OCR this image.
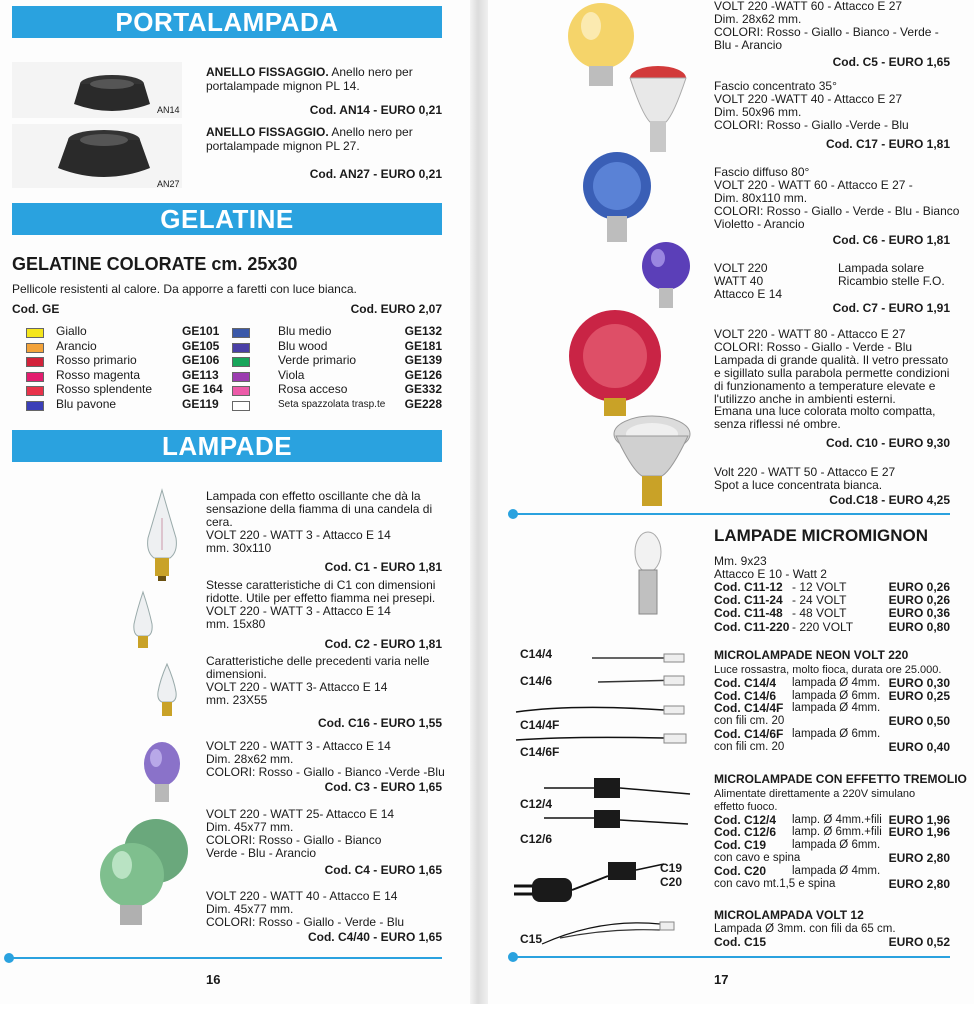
PORTALAMPADA
AN14
ANELLO FISSAGGIO. Anello nero per
portalampade mignon PL 14.
Cod. AN14 - EURO 0,21
AN27
ANELLO FISSAGGIO. Anello nero per
portalampade mignon PL 27.
Cod. AN27 - EURO 0,21
GELATINE
GELATINE COLORATE cm. 25x30
Pellicole resistenti al calore. Da apporre a faretti con luce bianca.
Cod. GE	Cod. EURO 2,07
Giallo	GE101
Arancio	GE105
Rosso primario	GE106
Rosso magenta	GE113
Rosso splendente GE 164
Blu pavone	GE119
Blu medio	GE132
Blu wood	GE181
Verde primario	GE139
Viola	GE126
Rosa acceso	GE332
Seta spazzolata trasp.te	GE228
LAMPADE
Lampada con effetto oscillante che dà la
sensazione della fiamma di una candela di
cera.
VOLT 220 - WATT 3 - Attacco E 14
mm. 30x110
Cod. C1 - EURO 1,81
Stesse caratteristiche di C1 con dimensioni
ridotte. Utile per effetto fiamma nei presepi.
VOLT 220 - WATT 3 - Attacco E 14
mm. 15x80
Cod. C2 - EURO 1,81
Caratteristiche delle precedenti varia nelle
dimensioni.
VOLT 220 - WATT 3- Attacco E 14
mm. 23X55
Cod. C16 - EURO 1,55
VOLT 220 - WATT 3 - Attacco E 14
Dim. 28x62 mm.
COLORI: Rosso - Giallo - Bianco -Verde -Blu
Cod. C3 - EURO 1,65
VOLT 220 - WATT 25- Attacco E 14
Dim. 45x77 mm.
COLORI: Rosso - Giallo - Bianco
Verde - Blu - Arancio
Cod. C4 - EURO 1,65
VOLT 220 - WATT 40 - Attacco E 14
Dim. 45x77 mm.
COLORI: Rosso - Giallo - Verde - Blu
Cod. C4/40 - EURO 1,65
16
VOLT 220 -WATT 60 - Attacco E 27
Dim. 28x62 mm.
COLORI: Rosso - Giallo - Bianco - Verde -
Blu - Arancio
Cod. C5 - EURO 1,65
Fascio concentrato 35°
VOLT 220 -WATT 40 - Attacco E 27
Dim. 50x96 mm.
COLORI: Rosso - Giallo -Verde - Blu
Cod. C17 - EURO 1,81
Fascio diffuso 80°
VOLT 220 - WATT 60 - Attacco E 27 -
Dim. 80x110 mm.
COLORI: Rosso - Giallo - Verde - Blu - Bianco
Violetto - Arancio
Cod. C6 - EURO 1,81
VOLT 220
WATT 40
Attacco E 14
Lampada solare
Ricambio stelle F.O.
Cod. C7 - EURO 1,91
VOLT 220 - WATT 80 - Attacco E 27
COLORI: Rosso - Giallo - Verde - Blu
Lampada di grande qualità. Il vetro pressato
e sigillato sulla parabola permette condizioni
di funzionamento a temperature elevate e
l'utilizzo anche in ambienti esterni.
Emana una luce colorata molto compatta,
senza riflessi né ombre.
Cod. C10 - EURO 9,30
Volt 220 - WATT 50 - Attacco E 27
Spot a luce concentrata bianca.
Cod.C18 - EURO 4,25
LAMPADE MICROMIGNON
Mm. 9x23
Attacco E 10 - Watt 2
Cod. C11-12 - 12 VOLT	EURO 0,26
Cod. C11-24 - 24 VOLT	EURO 0,26
Cod. C11-48 - 48 VOLT	EURO 0,36
Cod. C11-220 - 220 VOLT	EURO 0,80
C14/4
C14/6
C14/4F
C14/6F
MICROLAMPADE NEON VOLT 220
Luce rossastra, molto fioca, durata ore 25.000.
Cod. C14/4 lampada Ø 4mm. EURO 0,30
Cod. C14/6 lampada Ø 6mm. EURO 0,25
Cod. C14/4F lampada Ø 4mm.
con fili cm. 20	EURO 0,50
Cod. C14/6F lampada Ø 6mm.
con fili cm. 20	EURO 0,40
C12/4
C12/6
C19
C20
MICROLAMPADE CON EFFETTO TREMOLIO
Alimentate direttamente a 220V simulano
effetto fuoco.
Cod. C12/4 lamp. Ø 4mm.+fili EURO 1,96
Cod. C12/6 lamp. Ø 6mm.+fili EURO 1,96
Cod. C19 lampada Ø 6mm.
con cavo e spina	EURO 2,80
Cod. C20 lampada Ø 4mm.
con cavo mt.1,5 e spina	EURO 2,80
C15
MICROLAMPADA VOLT 12
Lampada Ø 3mm. con fili da 65 cm.
Cod. C15	EURO 0,52
17
